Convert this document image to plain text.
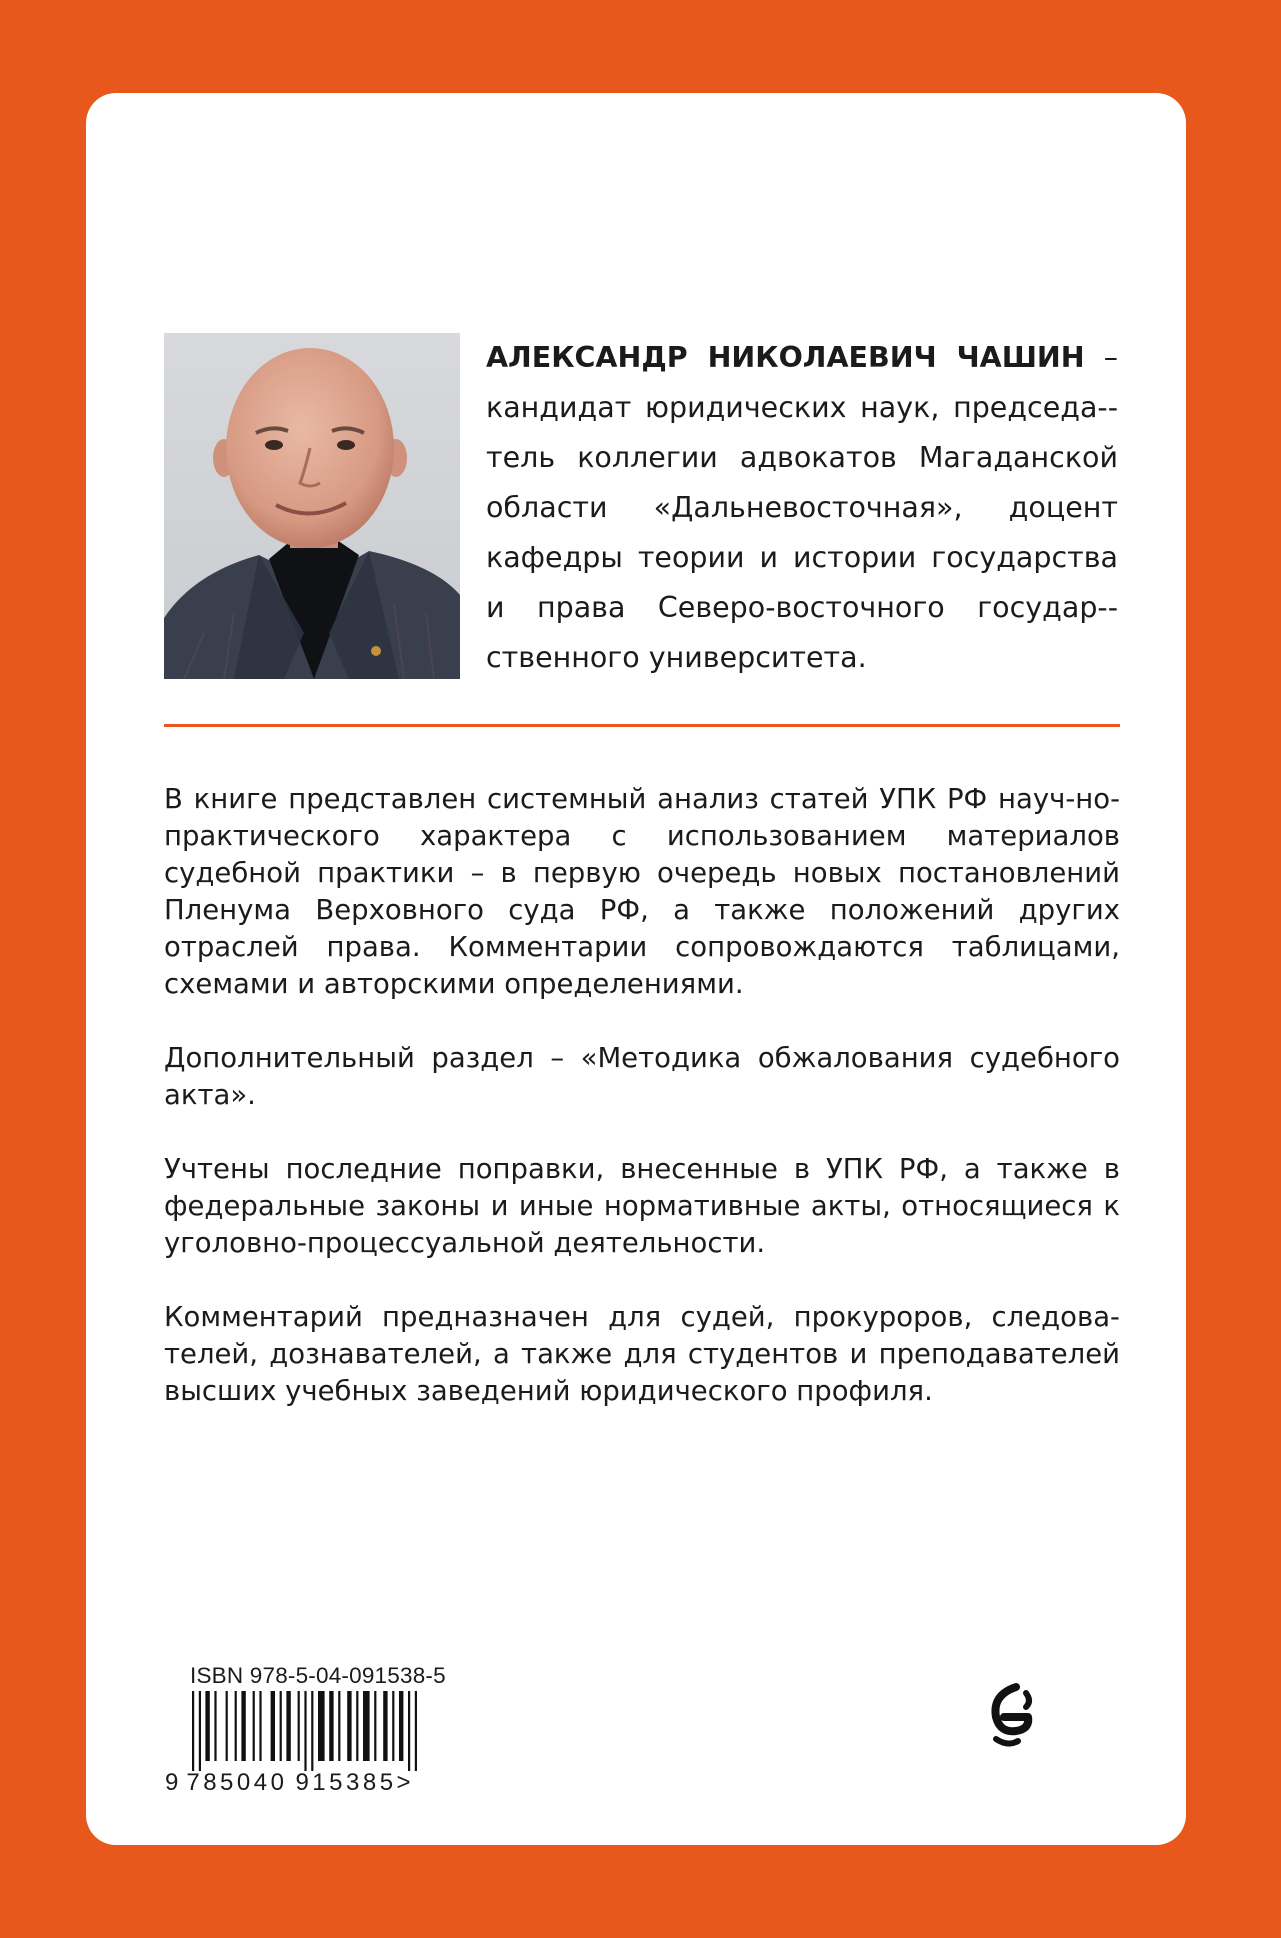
АЛЕКСАНДР НИКОЛАЕВИЧ ЧАШИН – кандидат юридических наук, председа-тель коллегии адвокатов Магаданской области «Дальневосточная», доцент кафедры теории и истории государства и права Северо-восточного государ-ственного университета.

В книге представлен системный анализ статей УПК РФ науч-но-практического характера с использованием материалов судебной практики – в первую очередь новых постановлений Пленума Верховного суда РФ, а также положений других отраслей права. Комментарии сопровождаются таблицами, схемами и авторскими определениями.

Дополнительный раздел – «Методика обжалования судебного акта».

Учтены последние поправки, внесенные в УПК РФ, а также в федеральные законы и иные нормативные акты, относящиеся к уголовно-процессуальной деятельности.

Комментарий предназначен для судей, прокуроров, следова-телей, дознавателей, а также для студентов и преподавателей высших учебных заведений юридического профиля.

ISBN 978-5-04-091538-5
9 785040 915385>
